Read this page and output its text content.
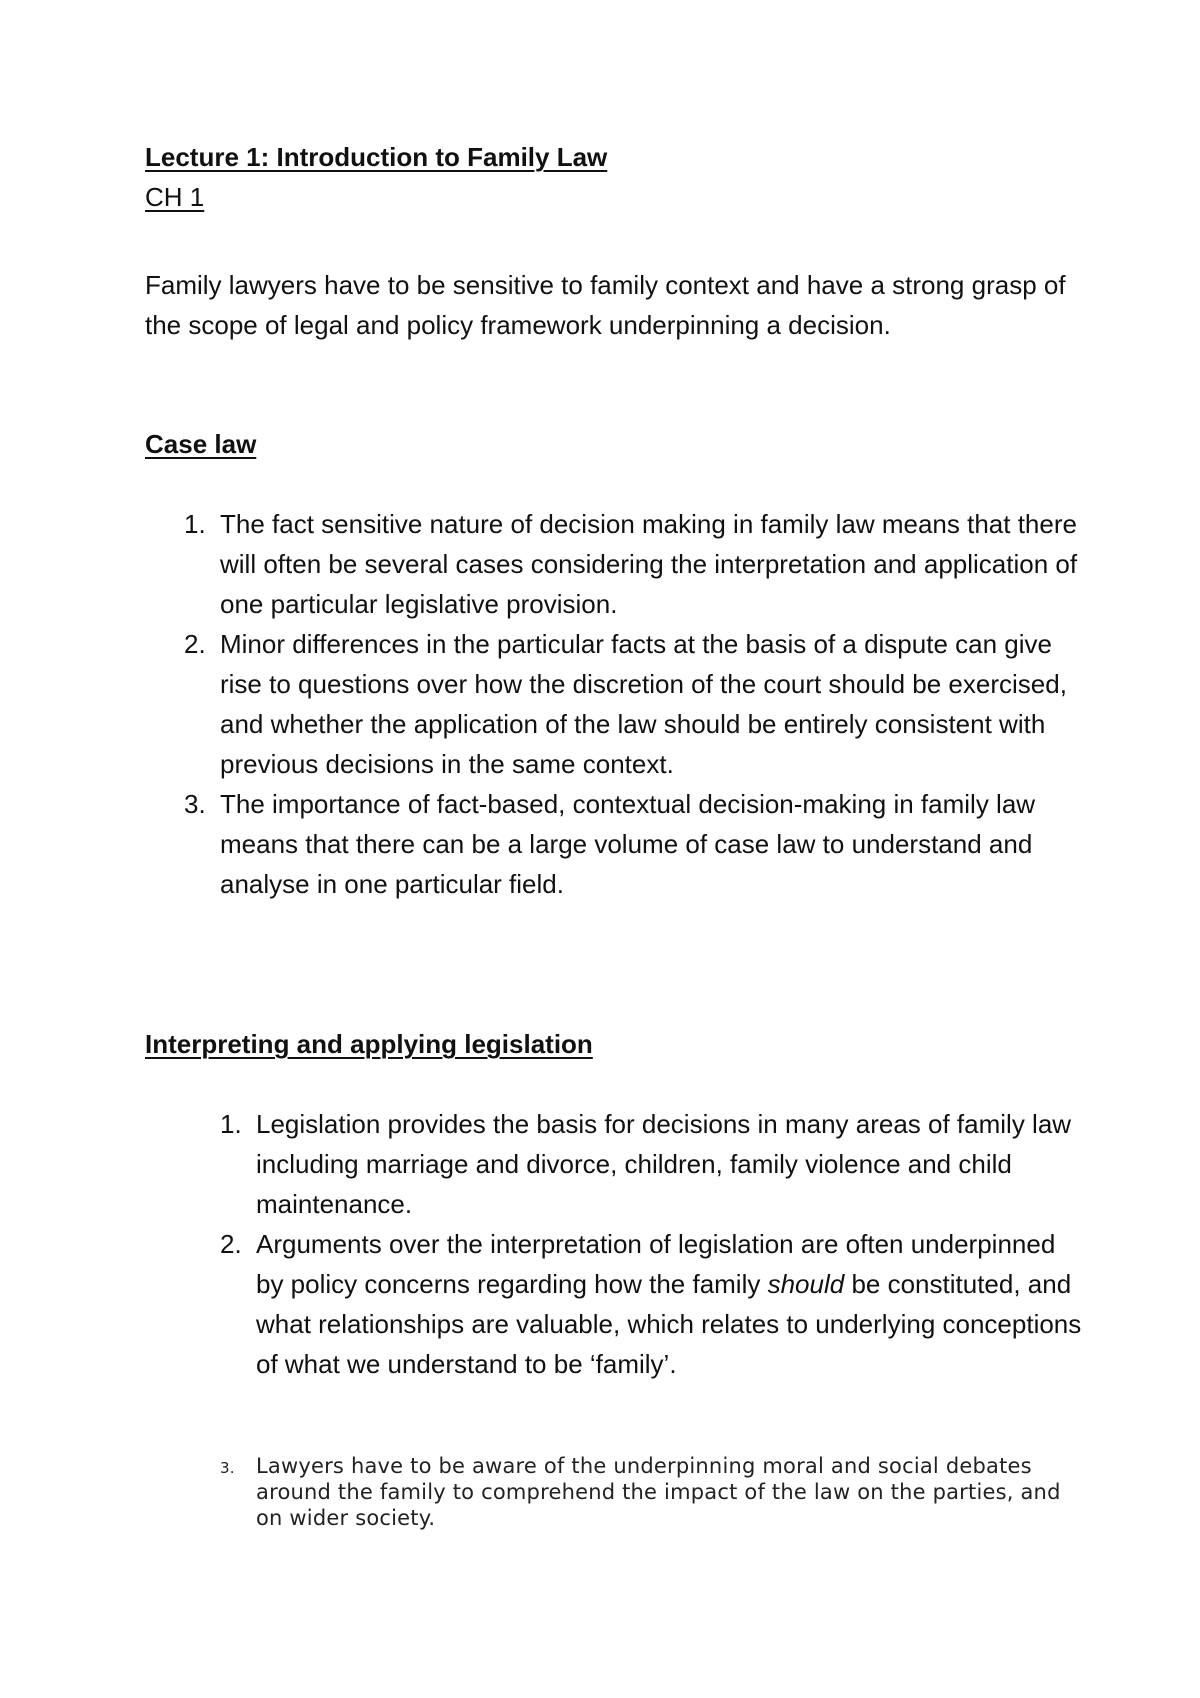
Lecture 1: Introduction to Family Law
CH 1
Family lawyers have to be sensitive to family context and have a strong grasp of the scope of legal and policy framework underpinning a decision.
Case law
1. The fact sensitive nature of decision making in family law means that there will often be several cases considering the interpretation and application of one particular legislative provision.
2. Minor differences in the particular facts at the basis of a dispute can give rise to questions over how the discretion of the court should be exercised, and whether the application of the law should be entirely consistent with previous decisions in the same context.
3. The importance of fact-based, contextual decision-making in family law means that there can be a large volume of case law to understand and analyse in one particular field.
Interpreting and applying legislation
1. Legislation provides the basis for decisions in many areas of family law including marriage and divorce, children, family violence and child maintenance.
2. Arguments over the interpretation of legislation are often underpinned by policy concerns regarding how the family should be constituted, and what relationships are valuable, which relates to underlying conceptions of what we understand to be ‘family’.
3. Lawyers have to be aware of the underpinning moral and social debates around the family to comprehend the impact of the law on the parties, and on wider society.
